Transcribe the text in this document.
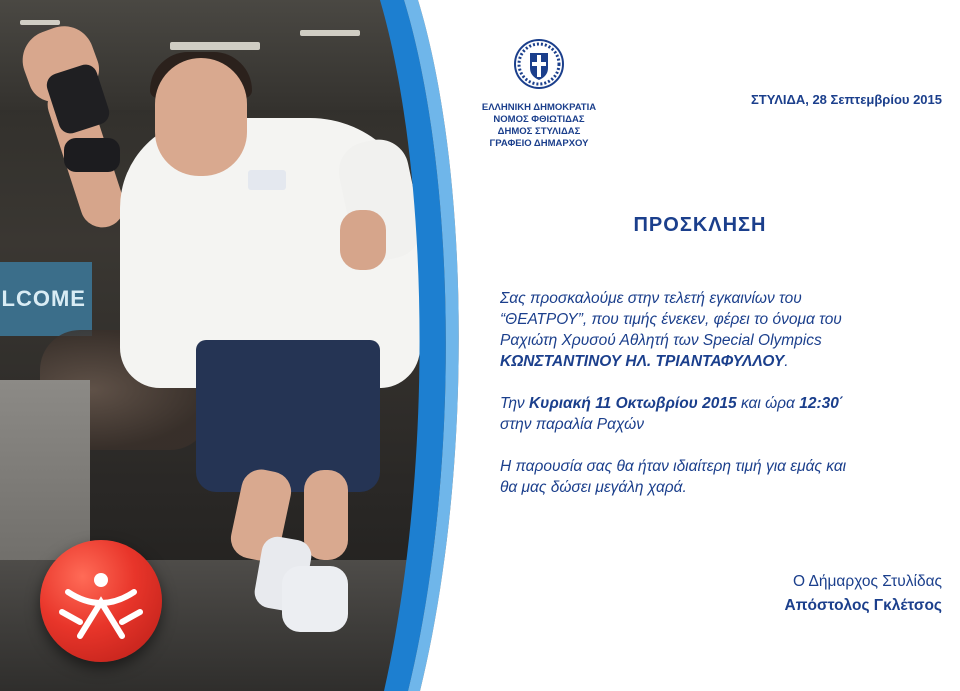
LCOME
ΕΛΛΗΝΙΚΗ ΔΗΜΟΚΡΑΤΙΑ
ΝΟΜΟΣ ΦΘΙΩΤΙΔΑΣ
ΔΗΜΟΣ ΣΤΥΛΙΔΑΣ
ΓΡΑΦΕΙΟ ΔΗΜΑΡΧΟΥ
ΣΤΥΛΙΔΑ, 28 Σεπτεμβρίου 2015
ΠΡΟΣΚΛΗΣΗ

Σας προσκαλούμε στην τελετή εγκαινίων του
“ΘΕΑΤΡΟΥ”, που τιμής ένεκεν, φέρει το όνομα του
Ραχιώτη Χρυσού Αθλητή των Special Olympics
ΚΩΝΣΤΑΝΤΙΝΟΥ ΗΛ. ΤΡΙΑΝΤΑΦΥΛΛΟΥ.

Την Κυριακή 11 Οκτωβρίου 2015 και ώρα 12:30΄
στην παραλία Ραχών

Η παρουσία σας θα ήταν ιδιαίτερη τιμή για εμάς και
θα μας δώσει μεγάλη χαρά.

Ο Δήμαρχος Στυλίδας
Απόστολος Γκλέτσος
